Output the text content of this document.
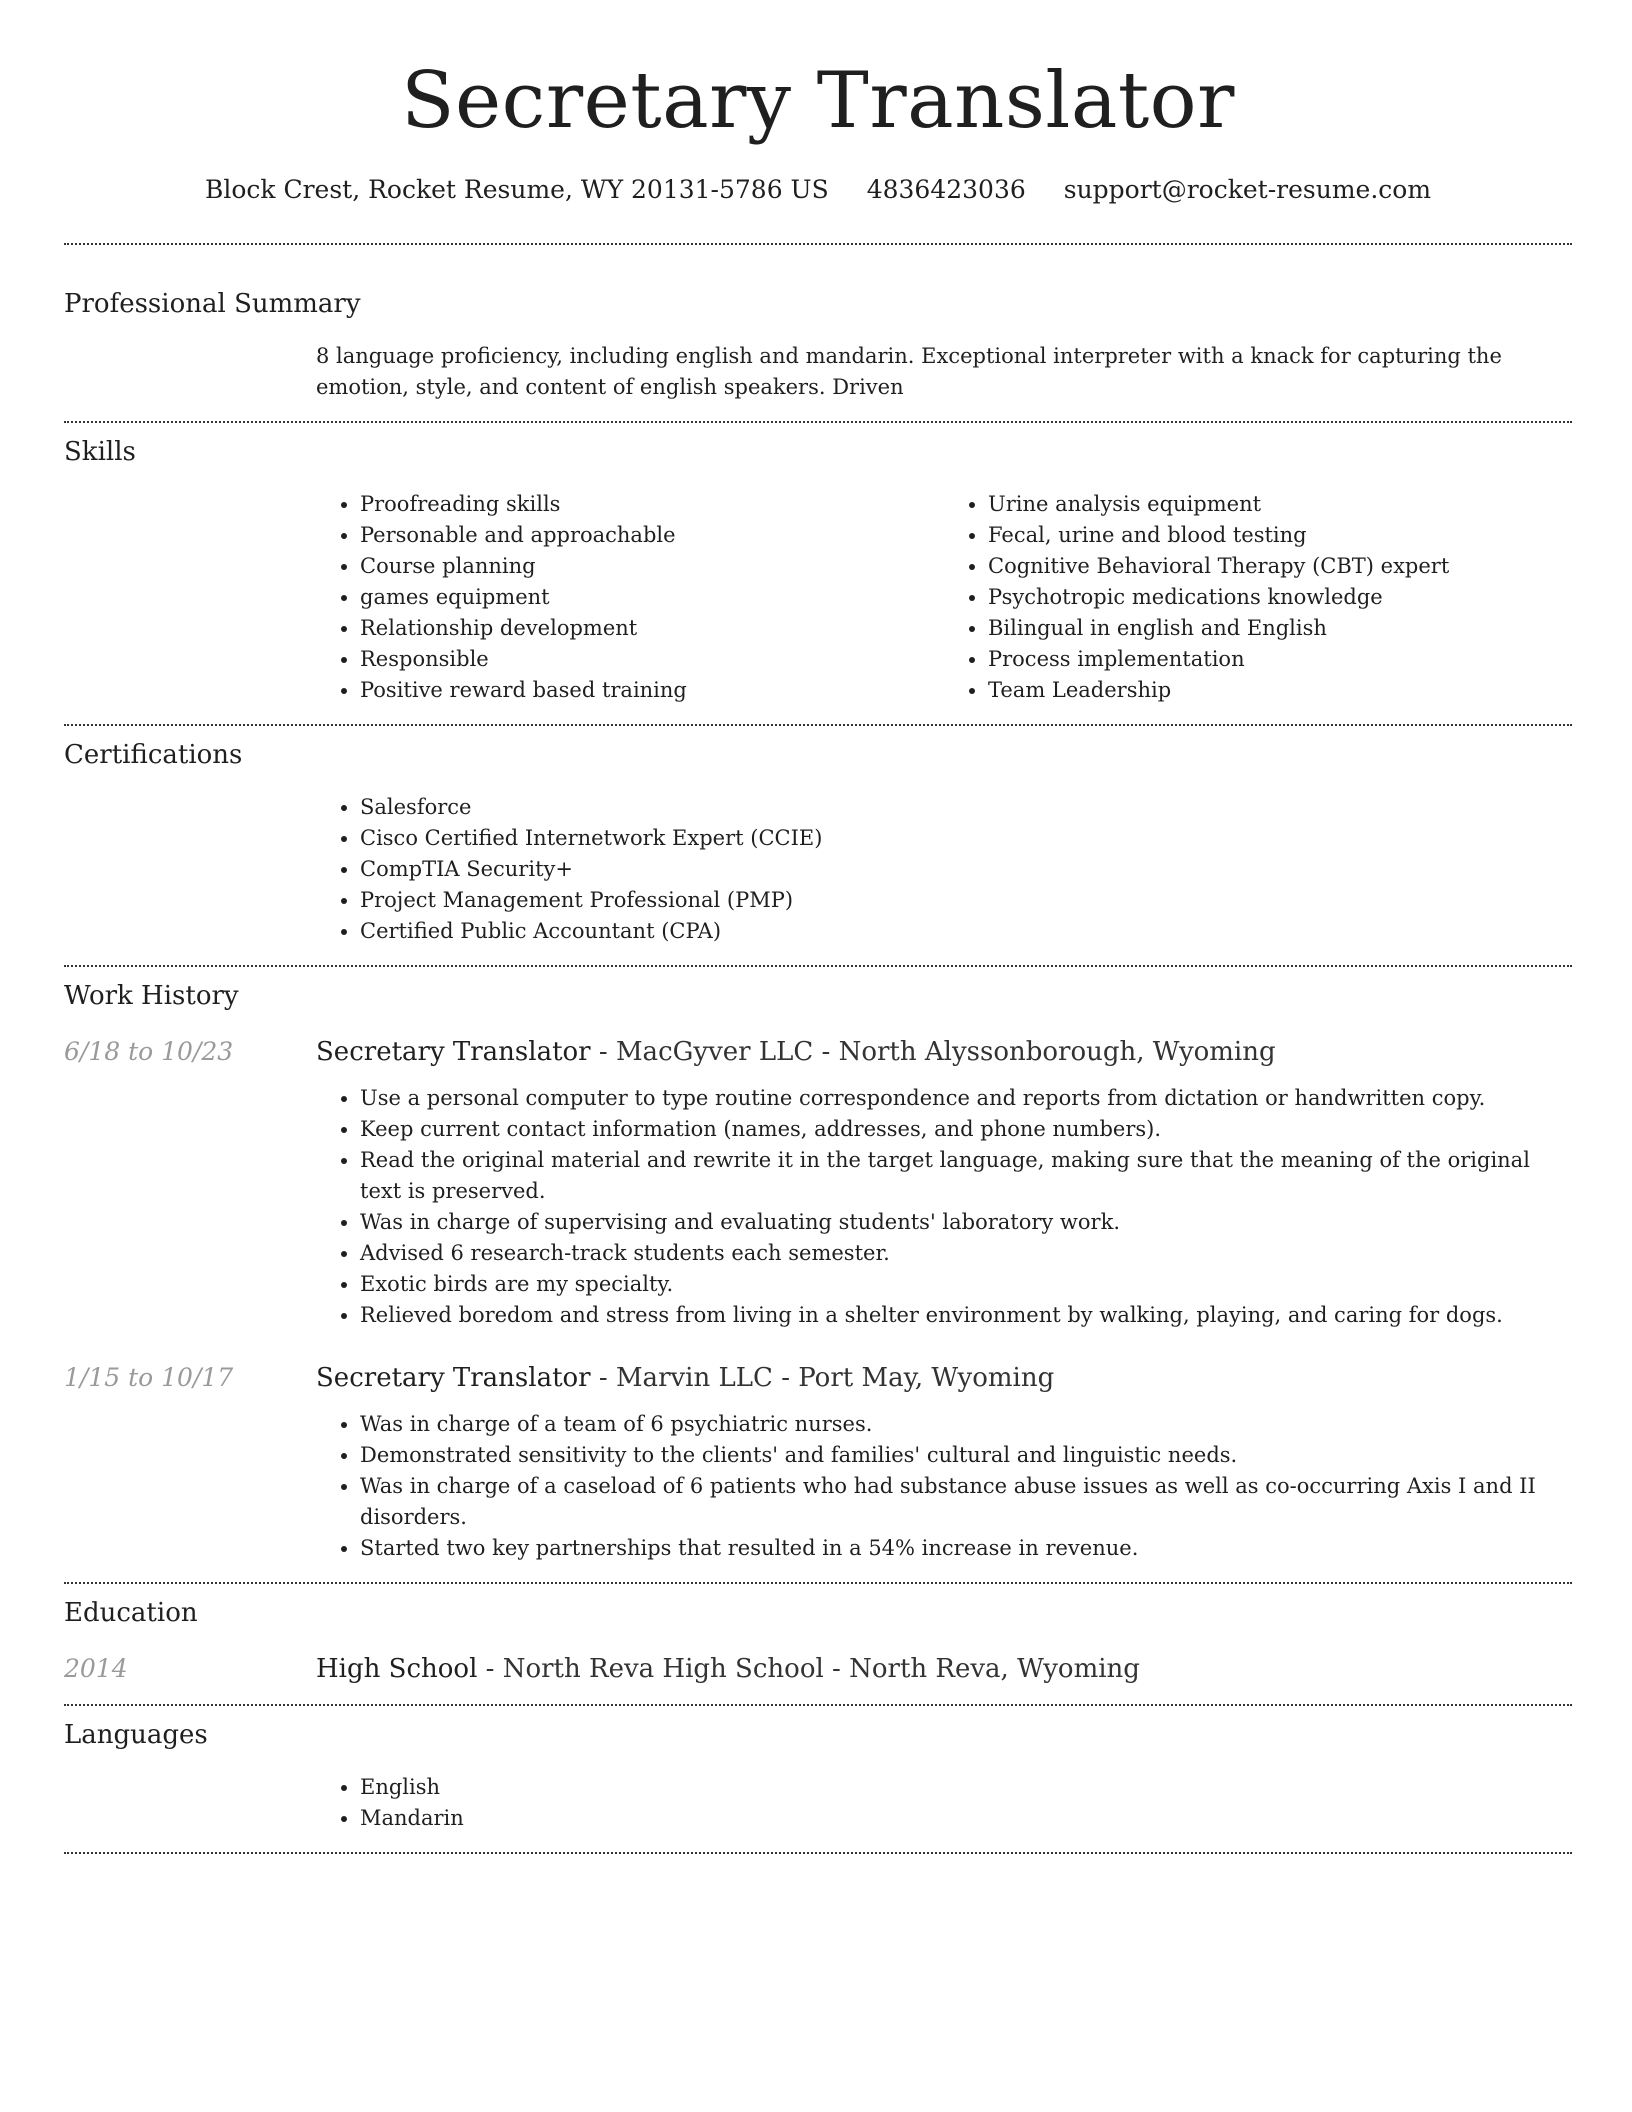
Secretary Translator
Block Crest, Rocket Resume, WY 20131-5786 US 4836423036 support@rocket-resume.com
Professional Summary

8 language proficiency, including english and mandarin. Exceptional interpreter with a knack for capturing the emotion, style, and content of english speakers. Driven

Skills
• Proofreading skills
• Personable and approachable
• Course planning
• games equipment
• Relationship development
• Responsible
• Positive reward based training
• Urine analysis equipment
• Fecal, urine and blood testing
• Cognitive Behavioral Therapy (CBT) expert
• Psychotropic medications knowledge
• Bilingual in english and English
• Process implementation
• Team Leadership
Certifications
• Salesforce
• Cisco Certified Internetwork Expert (CCIE)
• CompTIA Security+
• Project Management Professional (PMP)
• Certified Public Accountant (CPA)
Work History
6/18 to 10/23	Secretary Translator - MacGyver LLC - North Alyssonborough, Wyoming
• Use a personal computer to type routine correspondence and reports from dictation or handwritten copy.
• Keep current contact information (names, addresses, and phone numbers).
• Read the original material and rewrite it in the target language, making sure that the meaning of the original text is preserved.
• Was in charge of supervising and evaluating students' laboratory work.
• Advised 6 research-track students each semester.
• Exotic birds are my specialty.
• Relieved boredom and stress from living in a shelter environment by walking, playing, and caring for dogs.
1/15 to 10/17	Secretary Translator - Marvin LLC - Port May, Wyoming
• Was in charge of a team of 6 psychiatric nurses.
• Demonstrated sensitivity to the clients' and families' cultural and linguistic needs.
• Was in charge of a caseload of 6 patients who had substance abuse issues as well as co-occurring Axis I and II disorders.
• Started two key partnerships that resulted in a 54% increase in revenue.
Education
2014	High School - North Reva High School - North Reva, Wyoming
Languages
• English
• Mandarin
